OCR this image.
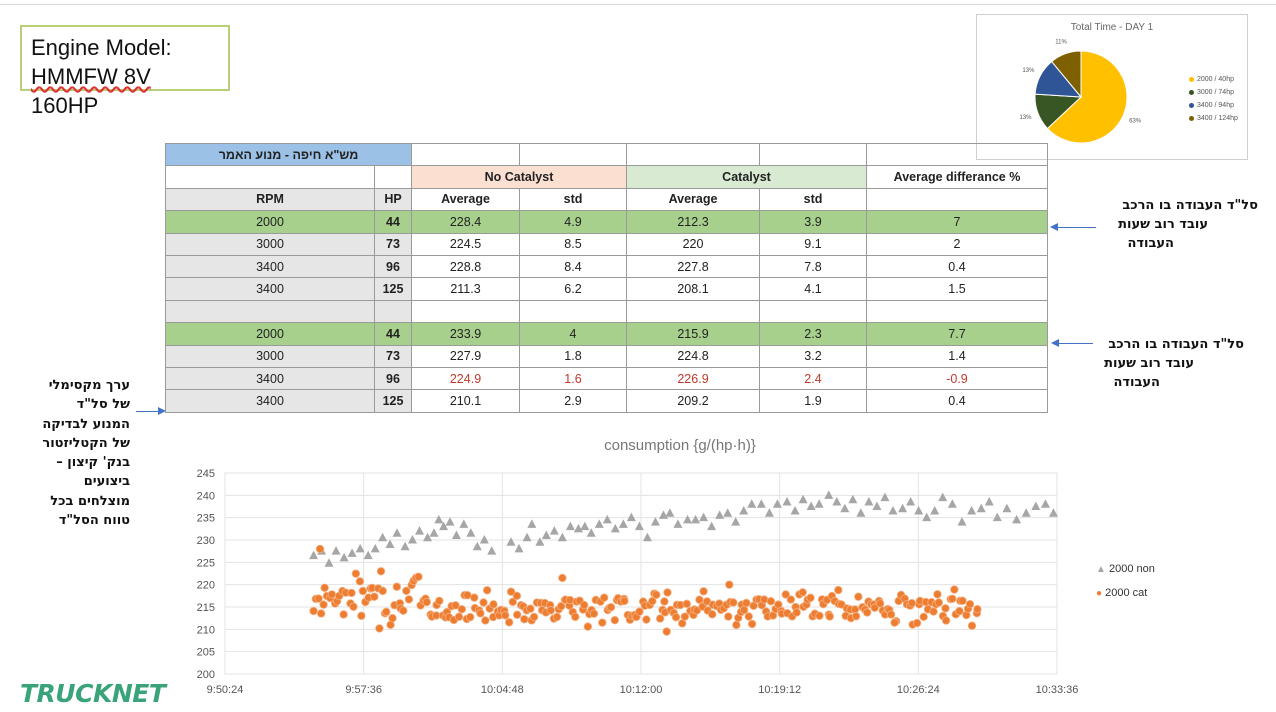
Engine Model:
HMMFW 8V
160HP
Total Time - DAY 1
63%
13%
13%
11%
2000 / 40hp
3000 / 74hp
3400 / 94hp
3400 / 124hp
מש"א חיפה - מנוע האמר						
		No Catalyst		Catalyst		Average differance %
RPM	HP	Average	std	Average	std	
2000	44	228.4	4.9	212.3	3.9	7
3000	73	224.5	8.5	220	9.1	2
3400	96	228.8	8.4	227.8	7.8	0.4
3400	125	211.3	6.2	208.1	4.1	1.5

2000	44	233.9	4	215.9	2.3	7.7
3000	73	227.9	1.8	224.8	3.2	1.4
3400	96	224.9	1.6	226.9	2.4	-0.9
3400	125	210.1	2.9	209.2	1.9	0.4
סל"ד העבודה בו הרכב
עובד רוב שעות
העבודה
סל"ד העבודה בו הרכב
עובד רוב שעות
העבודה
ערך מקסימלי
של סל"ד
המנוע לבדיקה
של הקטליזטור
בנק' קיצון –
ביצועים
מוצלחים בכל
טווח הסל"ד
consumption {g/(hp·h)}
200
205
210
215
220
225
230
235
240
245
9:50:24	9:57:36	10:04:48	10:12:00	10:19:12	10:26:24	10:33:36
▲ 2000 non
● 2000 cat
TRUCKNET
